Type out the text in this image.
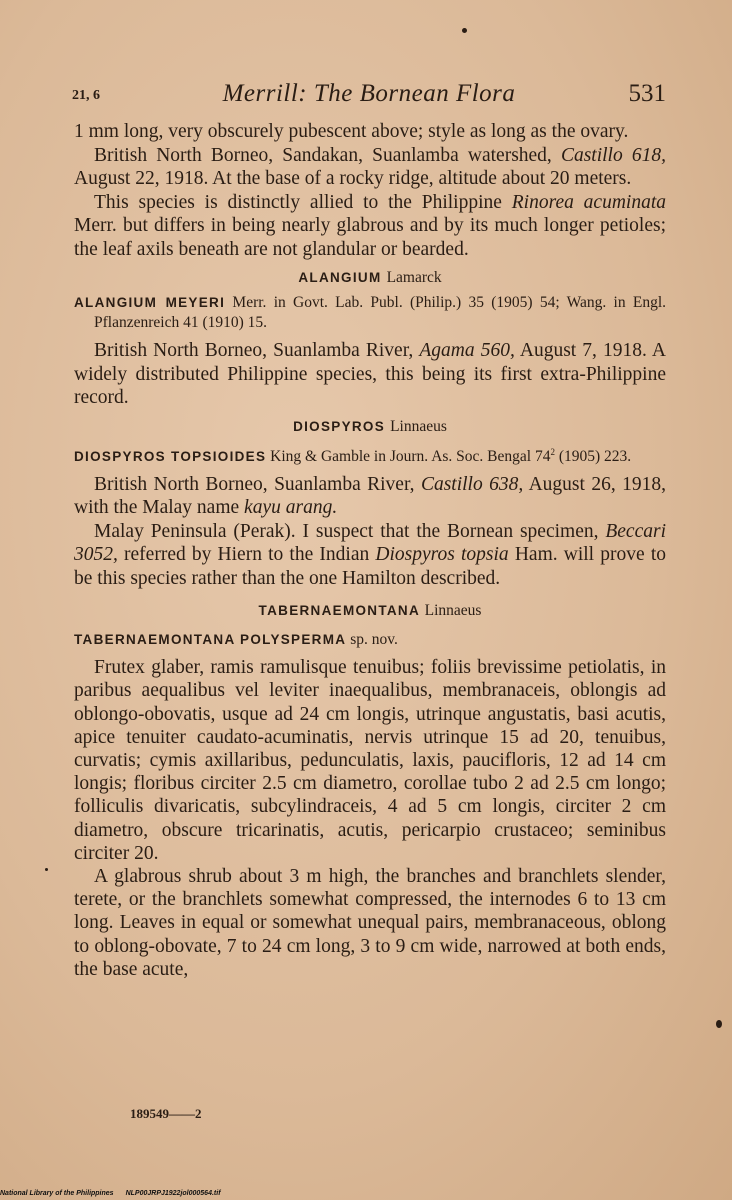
21, 6	Merrill: The Bornean Flora	531

1 mm long, very obscurely pubescent above; style as long as the ovary.

British North Borneo, Sandakan, Suanlamba watershed, Castillo 618, August 22, 1918. At the base of a rocky ridge, altitude about 20 meters.

This species is distinctly allied to the Philippine Rinorea acuminata Merr. but differs in being nearly glabrous and by its much longer petioles; the leaf axils beneath are not glandular or bearded.

ALANGIUM Lamarck

ALANGIUM MEYERI Merr. in Govt. Lab. Publ. (Philip.) 35 (1905) 54; Wang. in Engl. Pflanzenreich 41 (1910) 15.

British North Borneo, Suanlamba River, Agama 560, August 7, 1918. A widely distributed Philippine species, this being its first extra-Philippine record.

DIOSPYROS Linnaeus

DIOSPYROS TOPSIOIDES King & Gamble in Journ. As. Soc. Bengal $74^2$ (1905) 223.

British North Borneo, Suanlamba River, Castillo 638, August 26, 1918, with the Malay name kayu arang.

Malay Peninsula (Perak). I suspect that the Bornean specimen, Beccari 3052, referred by Hiern to the Indian Diospyros topsia Ham. will prove to be this species rather than the one Hamilton described.

TABERNAEMONTANA Linnaeus

TABERNAEMONTANA POLYSPERMA sp. nov.

Frutex glaber, ramis ramulisque tenuibus; foliis brevissime petiolatis, in paribus aequalibus vel leviter inaequalibus, membranaceis, oblongis ad oblongo-obovatis, usque ad 24 cm longis, utrinque angustatis, basi acutis, apice tenuiter caudato-acuminatis, nervis utrinque 15 ad 20, tenuibus, curvatis; cymis axillaribus, pedunculatis, laxis, paucifloris, 12 ad 14 cm longis; floribus circiter 2.5 cm diametro, corollae tubo 2 ad 2.5 cm longo; folliculis divaricatis, subcylindraceis, 4 ad 5 cm longis, circiter 2 cm diametro, obscure tricarinatis, acutis, pericarpio crustaceo; seminibus circiter 20.

A glabrous shrub about 3 m high, the branches and branchlets slender, terete, or the branchlets somewhat compressed, the internodes 6 to 13 cm long. Leaves in equal or somewhat unequal pairs, membranaceous, oblong to oblong-obovate, 7 to 24 cm long, 3 to 9 cm wide, narrowed at both ends, the base acute,

189549——2
National Library of the Philippines NLP00JRPJ1922jol000564.tif
